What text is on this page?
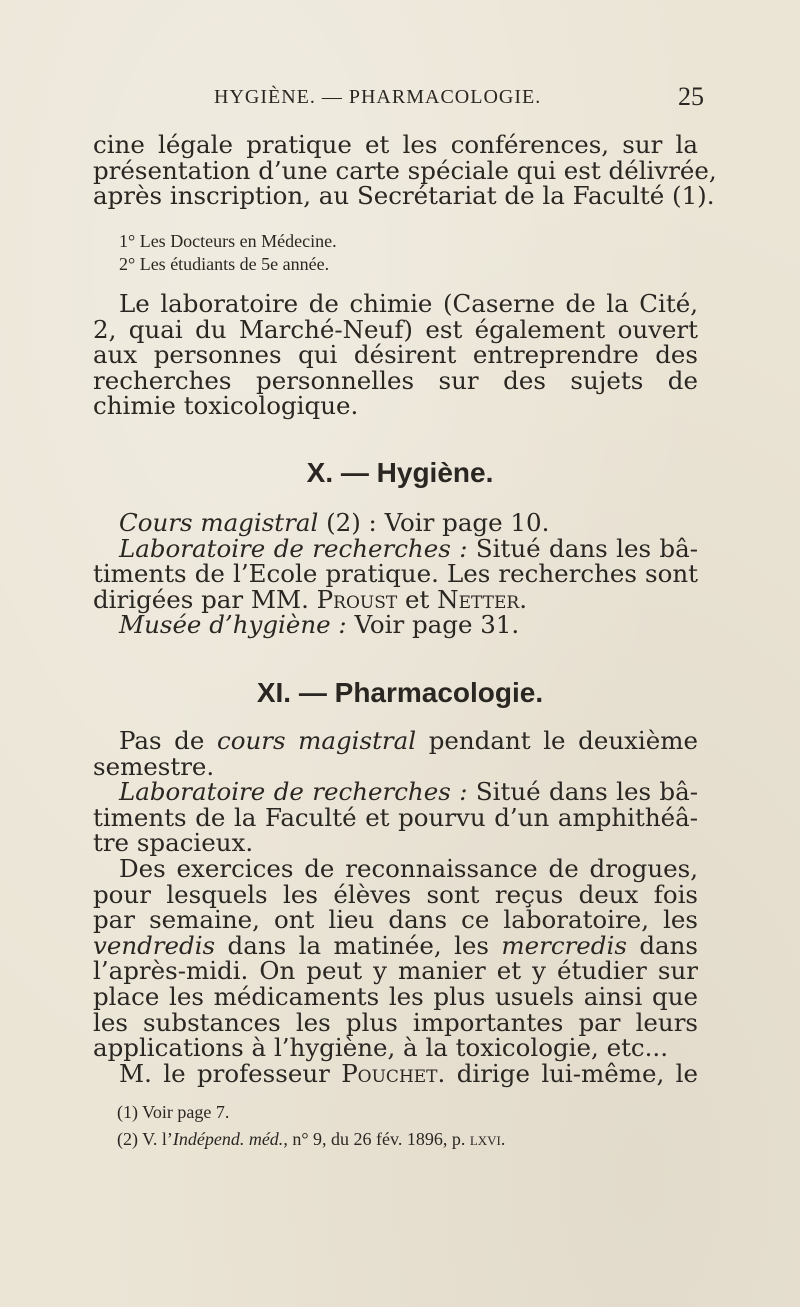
HYGIÈNE. — PHARMACOLOGIE.	25
cine légale pratique et les conférences, sur la
présentation d’une carte spéciale qui est délivrée,
après inscription, au Secrétariat de la Faculté (1).
1° Les Docteurs en Médecine.
2° Les étudiants de 5e année.
Le laboratoire de chimie (Caserne de la Cité,
2, quai du Marché-Neuf) est également ouvert
aux personnes qui désirent entreprendre des
recherches personnelles sur des sujets de
chimie toxicologique.
X. — Hygiène.
Cours magistral (2) : Voir page 10.
Laboratoire de recherches : Situé dans les bâ-
timents de l’Ecole pratique. Les recherches sont
dirigées par MM. Proust et Netter.
Musée d’hygiène : Voir page 31.
XI. — Pharmacologie.
Pas de cours magistral pendant le deuxième
semestre.
Laboratoire de recherches : Situé dans les bâ-
timents de la Faculté et pourvu d’un amphithéâ-
tre spacieux.
Des exercices de reconnaissance de drogues,
pour lesquels les élèves sont reçus deux fois
par semaine, ont lieu dans ce laboratoire, les
vendredis dans la matinée, les mercredis dans
l’après-midi. On peut y manier et y étudier sur
place les médicaments les plus usuels ainsi que
les substances les plus importantes par leurs
applications à l’hygiène, à la toxicologie, etc...
M. le professeur Pouchet. dirige lui-même, le
(1) Voir page 7.
(2) V. l’Indépend. méd., n° 9, du 26 fév. 1896, p. lxvi.
